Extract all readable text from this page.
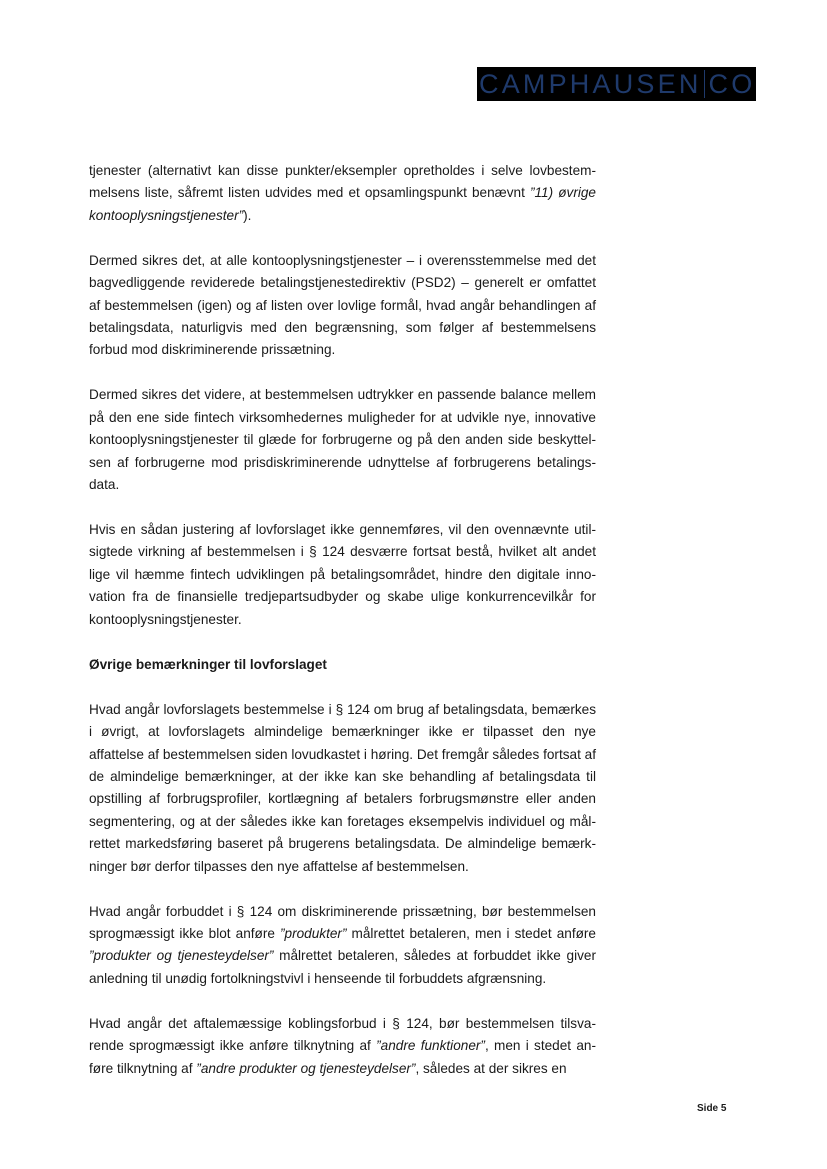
CAMPHAUSEN CO

tjenester (alternativt kan disse punkter/eksempler opretholdes i selve lovbestemmelsens liste, såfremt listen udvides med et opsamlingspunkt benævnt ”11) øvrige kontooplysningstjenester”).

Dermed sikres det, at alle kontooplysningstjenester – i overensstemmelse med det bagvedliggende reviderede betalingstjenestedirektiv (PSD2) – generelt er omfattet af bestemmelsen (igen) og af listen over lovlige formål, hvad angår behandlingen af betalingsdata, naturligvis med den begrænsning, som følger af bestemmelsens forbud mod diskriminerende prissætning.

Dermed sikres det videre, at bestemmelsen udtrykker en passende balance mellem på den ene side fintech virksomhedernes muligheder for at udvikle nye, innovative kontooplysningstjenester til glæde for forbrugerne og på den anden side beskyttelsen af forbrugerne mod prisdiskriminerende udnyttelse af forbrugerens betalingsdata.

Hvis en sådan justering af lovforslaget ikke gennemføres, vil den ovennævnte utilsigtede virkning af bestemmelsen i § 124 desværre fortsat bestå, hvilket alt andet lige vil hæmme fintech udviklingen på betalingsområdet, hindre den digitale innovation fra de finansielle tredjepartsudbyder og skabe ulige konkurrencevilkår for kontooplysningstjenester.

Øvrige bemærkninger til lovforslaget

Hvad angår lovforslagets bestemmelse i § 124 om brug af betalingsdata, bemærkes i øvrigt, at lovforslagets almindelige bemærkninger ikke er tilpasset den nye affattelse af bestemmelsen siden lovudkastet i høring. Det fremgår således fortsat af de almindelige bemærkninger, at der ikke kan ske behandling af betalingsdata til opstilling af forbrugsprofiler, kortlægning af betalers forbrugsmønstre eller anden segmentering, og at der således ikke kan foretages eksempelvis individuel og målrettet markedsføring baseret på brugerens betalingsdata. De almindelige bemærkninger bør derfor tilpasses den nye affattelse af bestemmelsen.

Hvad angår forbuddet i § 124 om diskriminerende prissætning, bør bestemmelsen sprogmæssigt ikke blot anføre ”produkter” målrettet betaleren, men i stedet anføre ”produkter og tjenesteydelser” målrettet betaleren, således at forbuddet ikke giver anledning til unødig fortolkningstvivl i henseende til forbuddets afgrænsning.

Hvad angår det aftalemæssige koblingsforbud i § 124, bør bestemmelsen tilsvarende sprogmæssigt ikke anføre tilknytning af ”andre funktioner”, men i stedet anføre tilknytning af ”andre produkter og tjenesteydelser”, således at der sikres en

Side 5
